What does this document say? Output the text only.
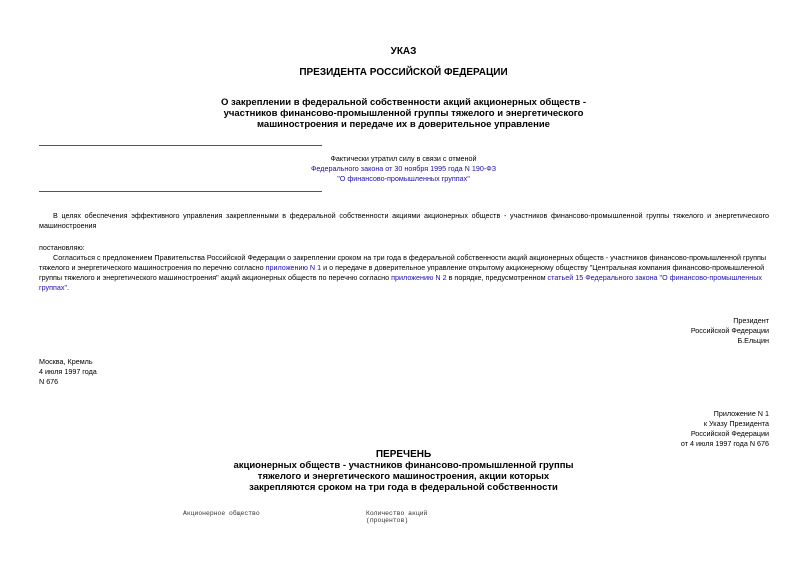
УКАЗ
ПРЕЗИДЕНТА РОССИЙСКОЙ ФЕДЕРАЦИИ
О закреплении в федеральной собственности акций акционерных обществ -
участников финансово-промышленной группы тяжелого и энергетического
машиностроения и передаче их в доверительное управление
Фактически утратил силу в связи с отменой
Федерального закона от 30 ноября 1995 года N 190-ФЗ
"О финансово-промышленных группах"
В целях обеспечения эффективного управления закрепленными в федеральной собственности акциями акционерных обществ - участников финансово-промышленной группы тяжелого и энергетического машиностроения
постановляю:
Согласиться с предложением Правительства Российской Федерации о закреплении сроком на три года в федеральной собственности акций акционерных обществ - участников финансово-промышленной группы тяжелого и энергетического машиностроения по перечню согласно приложению N 1 и о передаче в доверительное управление открытому акционерному обществу "Центральная компания финансово-промышленной группы тяжелого и энергетического машиностроения" акций акционерных обществ по перечню согласно приложению N 2 в порядке, предусмотренном статьей 15 Федерального закона "О финансово-промышленных группах".
Президент
Российской Федерации
Б.Ельцин
Москва, Кремль
4 июля 1997 года
N 676
Приложение N 1
к Указу Президента
Российской Федерации
от 4 июля 1997 года N 676
ПЕРЕЧЕНЬ
акционерных обществ - участников финансово-промышленной группы
тяжелого и энергетического машиностроения, акции которых
закрепляются сроком на три года в федеральной собственности
Акционерное общество	Количество акций
(процентов)
